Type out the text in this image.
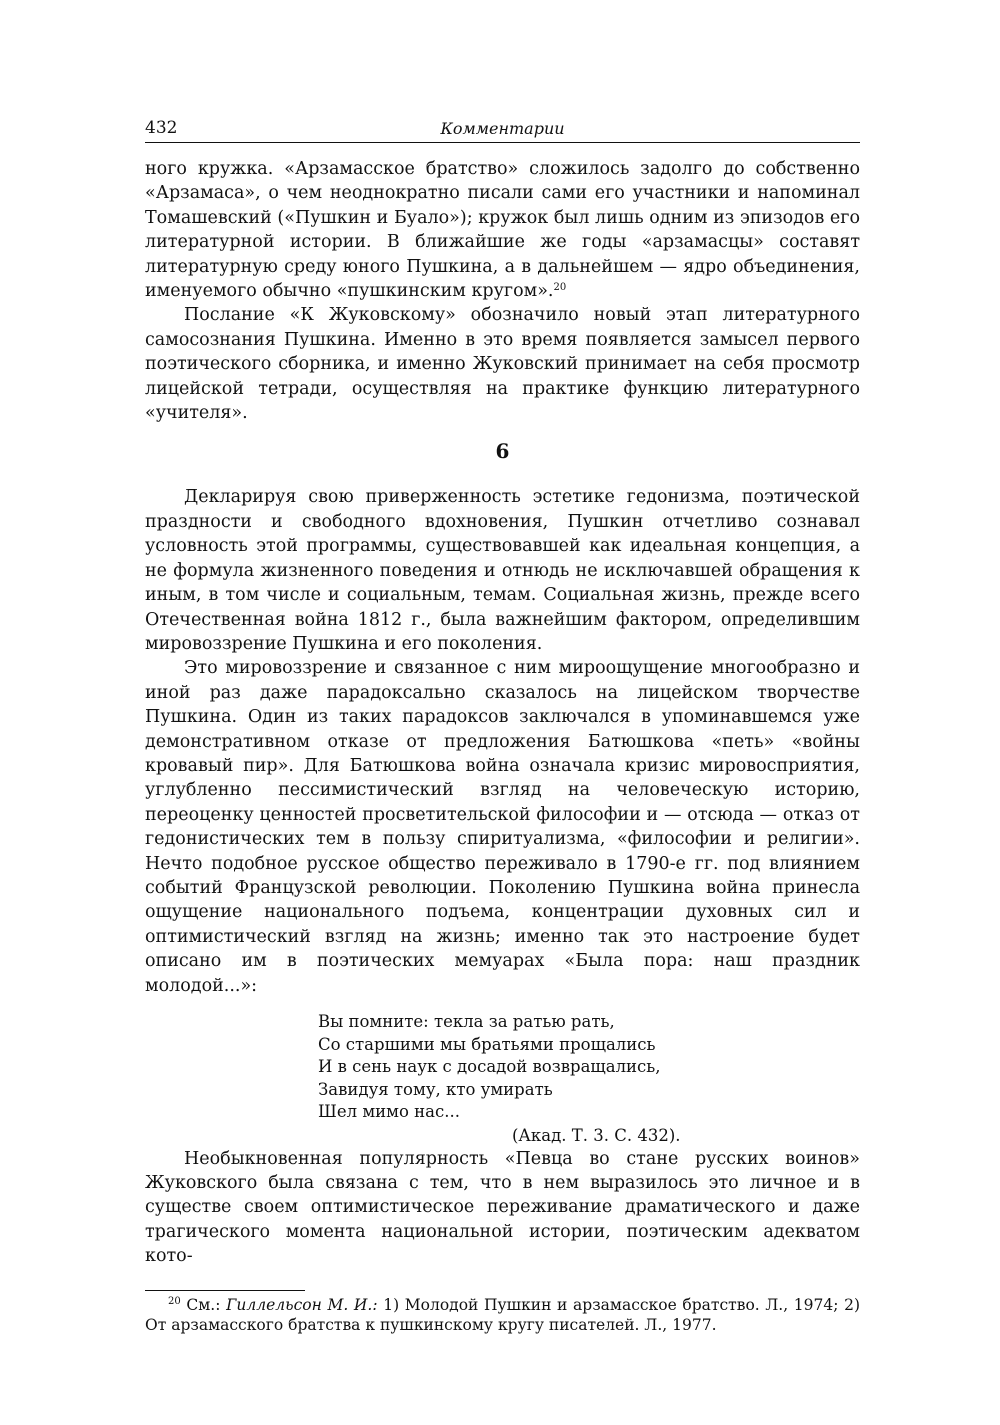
432	Комментарии

ного кружка. «Арзамасское братство» сложилось задолго до собственно «Арзамаса», о чем неоднократно писали сами его участники и напоминал Томашевский («Пушкин и Буало»); кружок был лишь одним из эпизодов его литературной истории. В ближайшие же годы «арзамасцы» составят литературную среду юного Пушкина, а в дальнейшем — ядро объединения, именуемого обычно «пушкинским кругом».$^{20}$

Послание «К Жуковскому» обозначило новый этап литературного самосознания Пушкина. Именно в это время появляется замысел первого поэтического сборника, и именно Жуковский принимает на себя просмотр лицейской тетради, осуществляя на практике функцию литературного «учителя».

6

Декларируя свою приверженность эстетике гедонизма, поэтической праздности и свободного вдохновения, Пушкин отчетливо сознавал условность этой программы, существовавшей как идеальная концепция, а не формула жизненного поведения и отнюдь не исключавшей обращения к иным, в том числе и социальным, темам. Социальная жизнь, прежде всего Отечественная война 1812 г., была важнейшим фактором, определившим мировоззрение Пушкина и его поколения.

Это мировоззрение и связанное с ним мироощущение многообразно и иной раз даже парадоксально сказалось на лицейском творчестве Пушкина. Один из таких парадоксов заключался в упоминавшемся уже демонстративном отказе от предложения Батюшкова «петь» «войны кровавый пир». Для Батюшкова война означала кризис мировосприятия, углубленно пессимистический взгляд на человеческую историю, переоценку ценностей просветительской философии и — отсюда — отказ от гедонистических тем в пользу спиритуализма, «философии и религии». Нечто подобное русское общество переживало в 1790-е гг. под влиянием событий Французской революции. Поколению Пушкина война принесла ощущение национального подъема, концентрации духовных сил и оптимистический взгляд на жизнь; именно так это настроение будет описано им в поэтических мемуарах «Была пора: наш праздник молодой...»:

Вы помните: текла за ратью рать,
Со старшими мы братьями прощались
И в сень наук с досадой возвращались,
Завидуя тому, кто умирать
Шел мимо нас...
(Акад. Т. 3. С. 432).

Необыкновенная популярность «Певца во стане русских воинов» Жуковского была связана с тем, что в нем выразилось это личное и в существе своем оптимистическое переживание драматического и даже трагического момента национальной истории, поэтическим адекватом кото-

$^{20}$ См.: Гиллельсон М. И.: 1) Молодой Пушкин и арзамасское братство. Л., 1974; 2) От арзамасского братства к пушкинскому кругу писателей. Л., 1977.
